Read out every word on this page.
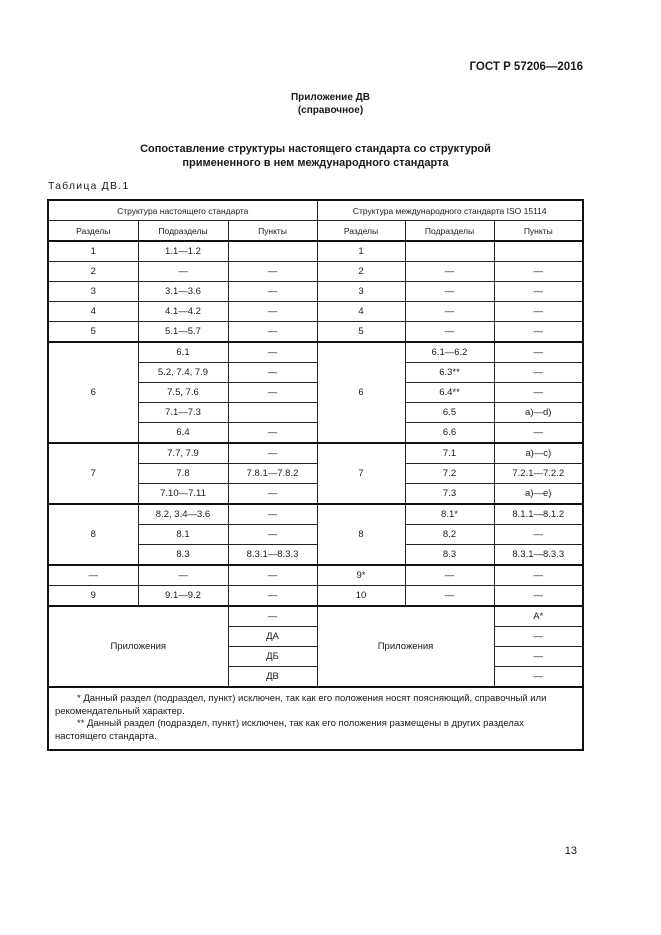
ГОСТ Р 57206—2016
Приложение ДВ
(справочное)
Сопоставление структуры настоящего стандарта со структурой
примененного в нем международного стандарта
Таблица ДВ.1
Структура настоящего стандарта			Структура международного стандарта ISO 15114		
Разделы	Подразделы	Пункты	Разделы	Подразделы	Пункты
1	1.1—1.2		1		
2	—	—	2	—	—
3	3.1—3.6	—	3	—	—
4	4.1—4.2	—	4	—	—
5	5.1—5.7	—	5	—	—
6	6.1	—	6	6.1—6.2	—
	5.2, 7.4, 7.9	—		6.3**	—
	7.5, 7.6	—		6.4**	—
	7.1—7.3			6.5	a)—d)
	6.4	—		6.6	—
7	7.7, 7.9	—	7	7.1	a)—c)
	7.8	7.8.1—7.8.2		7.2	7.2.1—7.2.2
	7.10—7.11	—		7.3	a)—e)
8	8.2, 3.4—3.6	—	8	8.1*	8.1.1—8.1.2
	8.1	—		8.2	—
	8.3	8.3.1—8.3.3		8.3	8.3.1—8.3.3
—	—	—	9*	—	—
9	9.1—9.2	—	10	—	—
Приложения		—	Приложения		A*
		ДА			—
		ДБ			—
		ДВ			—

* Данный раздел (подраздел, пункт) исключен, так как его положения носят поясняющий, справочный или рекомендательный характер.

** Данный раздел (подраздел, пункт) исключен, так как его положения размещены в других разделах настоящего стандарта.					

13
